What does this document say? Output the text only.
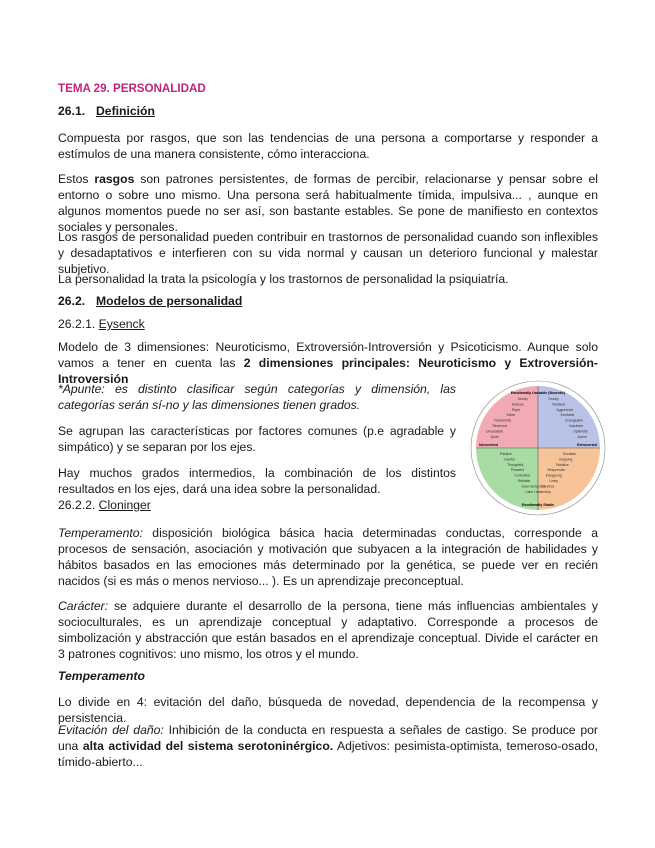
TEMA 29. PERSONALIDAD
26.1. Definición

Compuesta por rasgos, que son las tendencias de una persona a comportarse y responder a estímulos de una manera consistente, cómo interacciona.

Estos rasgos son patrones persistentes, de formas de percibir, relacionarse y pensar sobre el entorno o sobre uno mismo. Una persona será habitualmente tímida, impulsiva... , aunque en algunos momentos puede no ser así, son bastante estables. Se pone de manifiesto en contextos sociales y personales.

Los rasgos de personalidad pueden contribuir en trastornos de personalidad cuando son inflexibles y desadaptativos e interfieren con su vida normal y causan un deterioro funcional y malestar subjetivo.

La personalidad la trata la psicología y los trastornos de personalidad la psiquiatría.

26.2. Modelos de personalidad
26.2.1. Eysenck

Modelo de 3 dimensiones: Neuroticismo, Extroversión-Introversión y Psicoticismo. Aunque solo vamos a tener en cuenta las 2 dimensiones principales: Neuroticismo y Extroversión- Introversión

*Apunte: es distinto clasificar según categorías y dimensión, las categorías serán sí-no y las dimensiones tienen grados.

Se agrupan las características por factores comunes (p.e agradable y simpático) y se separan por los ejes.

Hay muchos grados intermedios, la combinación de los distintos resultados en los ejes, dará una idea sobre la personalidad.

26.2.2. Cloninger

Temperamento: disposición biológica básica hacia determinadas conductas, corresponde a procesos de sensación, asociación y motivación que subyacen a la integración de habilidades y hábitos basados en las emociones más determinado por la genética, se puede ver en recién nacidos (si es más o menos nervioso... ). Es un aprendizaje preconceptual.

Carácter: se adquiere durante el desarrollo de la persona, tiene más influencias ambientales y socioculturales, es un aprendizaje conceptual y adaptativo. Corresponde a procesos de simbolización y abstracción que están basados en el aprendizaje conceptual. Divide el carácter en 3 patrones cognitivos: uno mismo, los otros y el mundo.

Temperamento

Lo divide en 4: evitación del daño, búsqueda de novedad, dependencia de la recompensa y persistencia.

Evitación del daño: Inhibición de la conducta en respuesta a señales de castigo. Se produce por una alta actividad del sistema serotoninérgico. Adjetivos: pesimista-optimista, temeroso-osado, tímido-abierto...

Emotionally Unstable (Neurotic)
Emotionally Stable
Introverted	Extroverted
Moody
Anxious
Rigid
Sober
Pessimistic
Reserved
Unsociable
Quiet
Touchy
Restless
Aggressive
Excitable
Changeable
Impulsive
Optimistic
Active
Passive
Careful
Thoughtful
Peaceful
Controlled
Reliable
Even-tempered
Calm
Sociable
Outgoing
Talkative
Responsive
Easygoing
Lively
Carefree
Leadership
